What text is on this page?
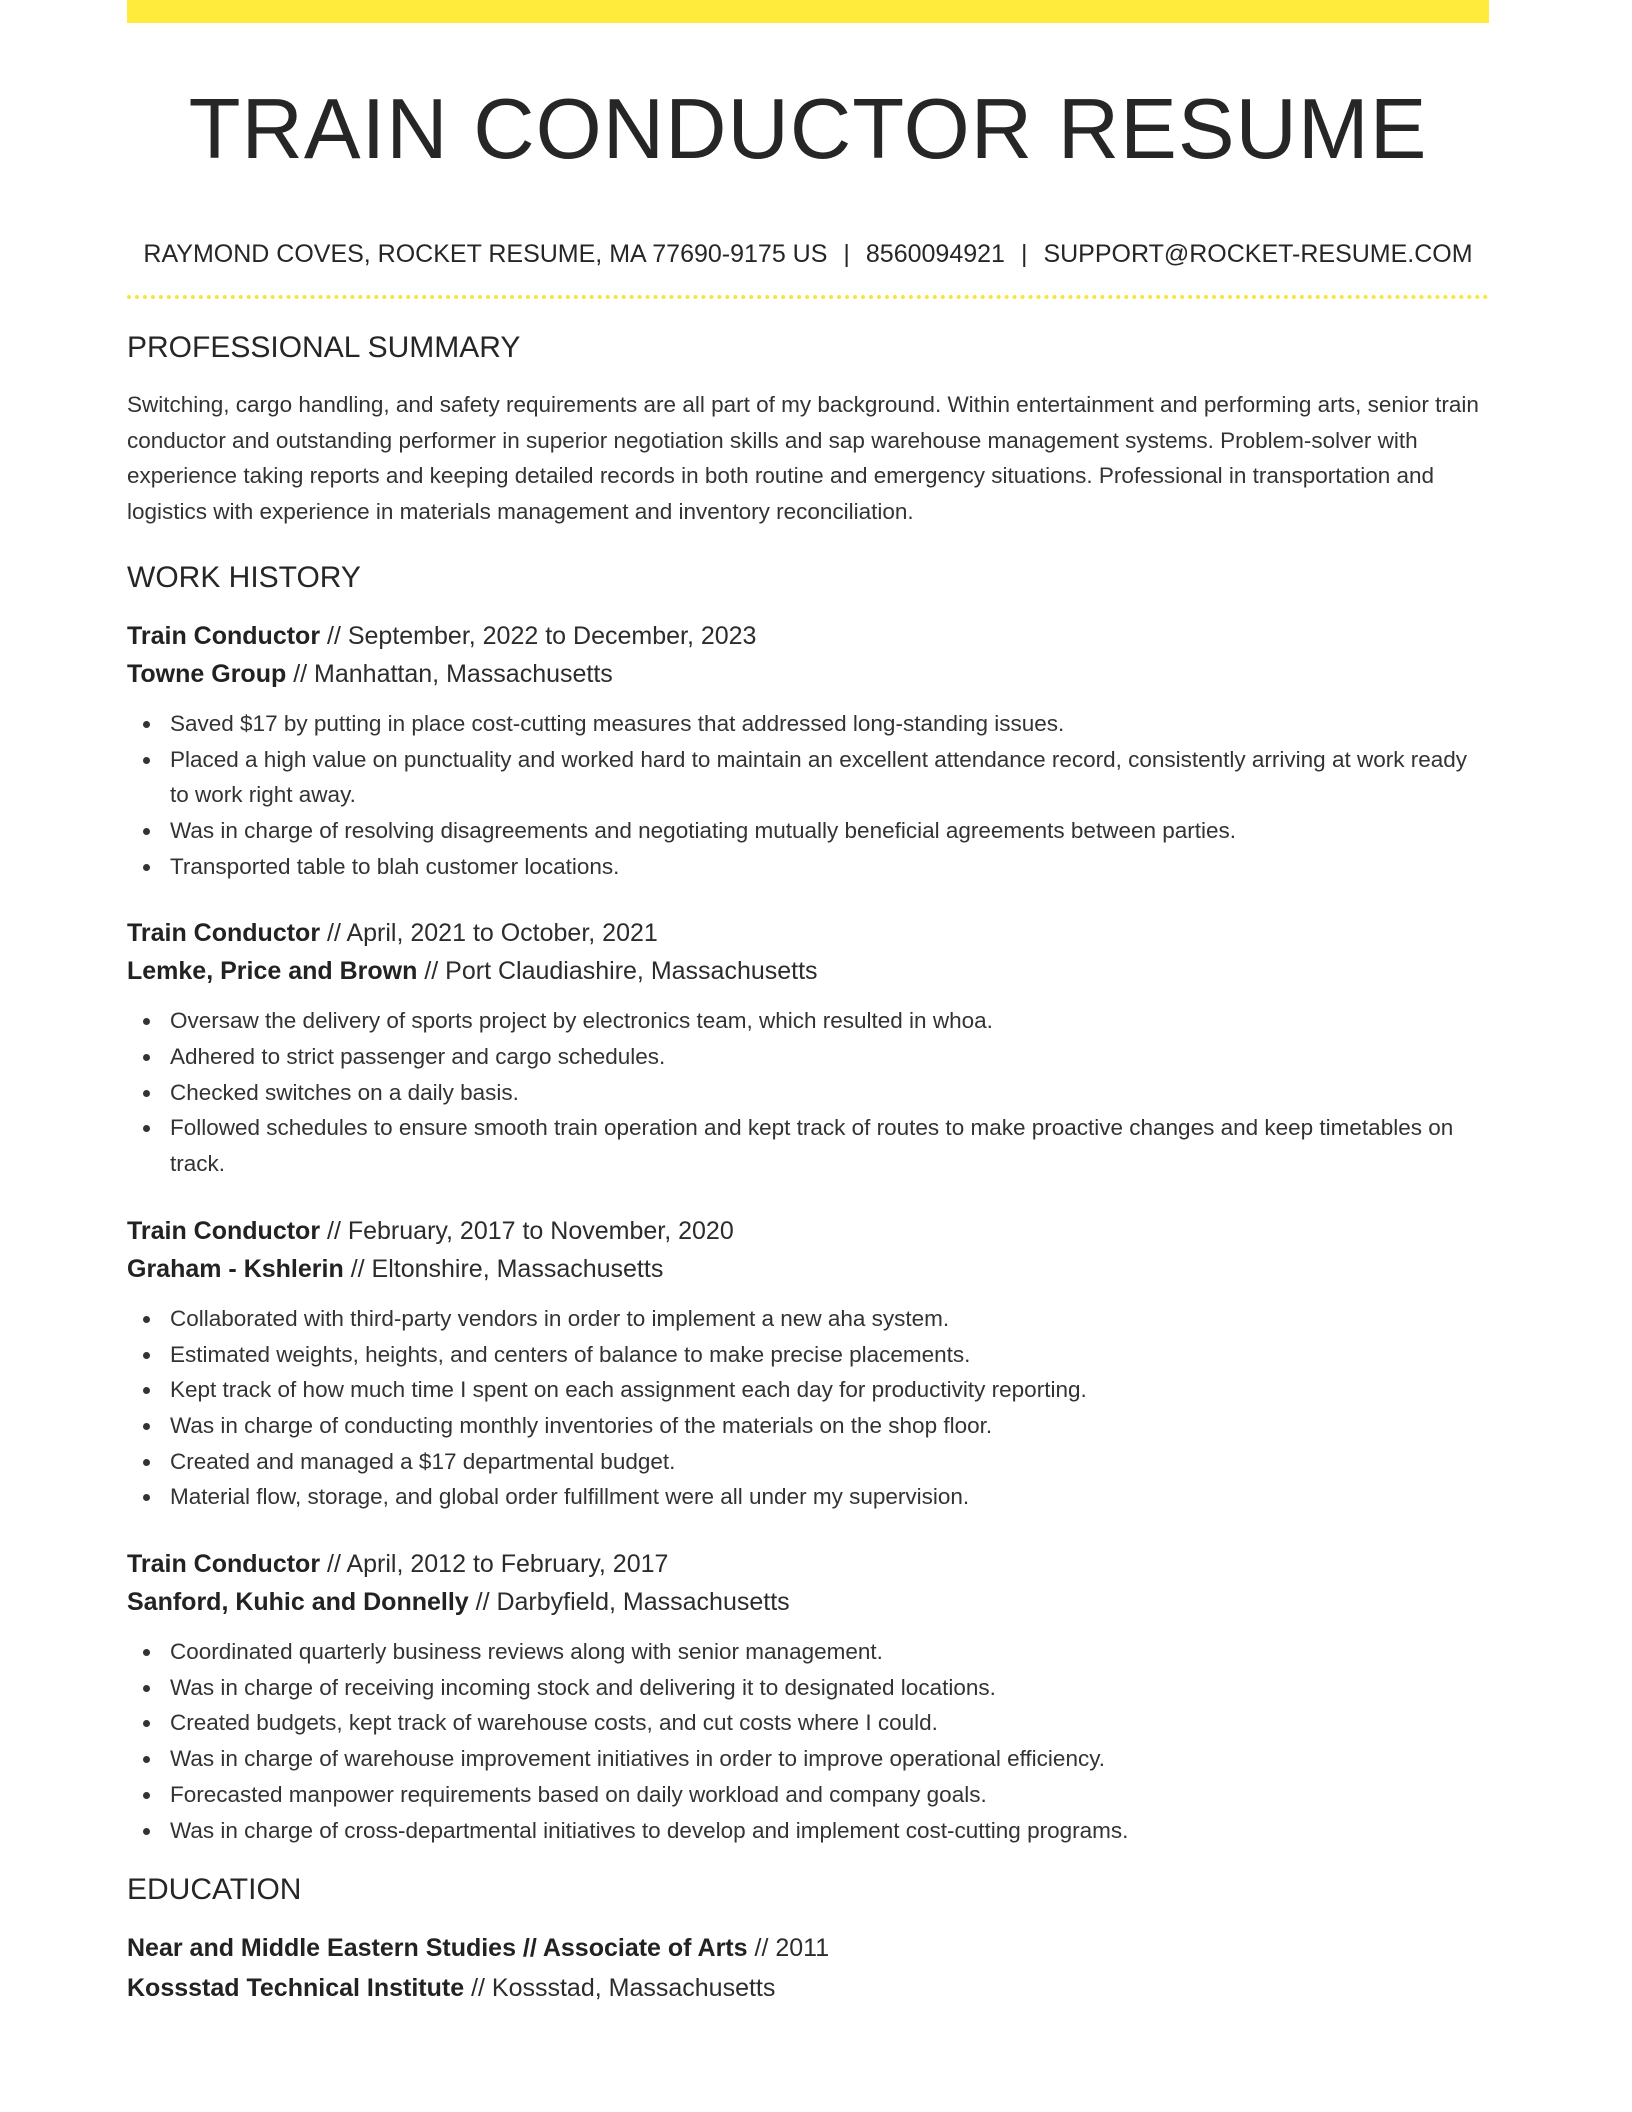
TRAIN CONDUCTOR RESUME
RAYMOND COVES, ROCKET RESUME, MA 77690-9175 US | 8560094921 | SUPPORT@ROCKET-RESUME.COM
PROFESSIONAL SUMMARY

Switching, cargo handling, and safety requirements are all part of my background. Within entertainment and performing arts, senior train conductor and outstanding performer in superior negotiation skills and sap warehouse management systems. Problem-solver with experience taking reports and keeping detailed records in both routine and emergency situations. Professional in transportation and logistics with experience in materials management and inventory reconciliation.

WORK HISTORY
Train Conductor // September, 2022 to December, 2023
Towne Group // Manhattan, Massachusetts
Saved $17 by putting in place cost-cutting measures that addressed long-standing issues.
Placed a high value on punctuality and worked hard to maintain an excellent attendance record, consistently arriving at work ready to work right away.
Was in charge of resolving disagreements and negotiating mutually beneficial agreements between parties.
Transported table to blah customer locations.
Train Conductor // April, 2021 to October, 2021
Lemke, Price and Brown // Port Claudiashire, Massachusetts
Oversaw the delivery of sports project by electronics team, which resulted in whoa.
Adhered to strict passenger and cargo schedules.
Checked switches on a daily basis.
Followed schedules to ensure smooth train operation and kept track of routes to make proactive changes and keep timetables on track.
Train Conductor // February, 2017 to November, 2020
Graham - Kshlerin // Eltonshire, Massachusetts
Collaborated with third-party vendors in order to implement a new aha system.
Estimated weights, heights, and centers of balance to make precise placements.
Kept track of how much time I spent on each assignment each day for productivity reporting.
Was in charge of conducting monthly inventories of the materials on the shop floor.
Created and managed a $17 departmental budget.
Material flow, storage, and global order fulfillment were all under my supervision.
Train Conductor // April, 2012 to February, 2017
Sanford, Kuhic and Donnelly // Darbyfield, Massachusetts
Coordinated quarterly business reviews along with senior management.
Was in charge of receiving incoming stock and delivering it to designated locations.
Created budgets, kept track of warehouse costs, and cut costs where I could.
Was in charge of warehouse improvement initiatives in order to improve operational efficiency.
Forecasted manpower requirements based on daily workload and company goals.
Was in charge of cross-departmental initiatives to develop and implement cost-cutting programs.
EDUCATION
Near and Middle Eastern Studies // Associate of Arts // 2011
Kossstad Technical Institute // Kossstad, Massachusetts
